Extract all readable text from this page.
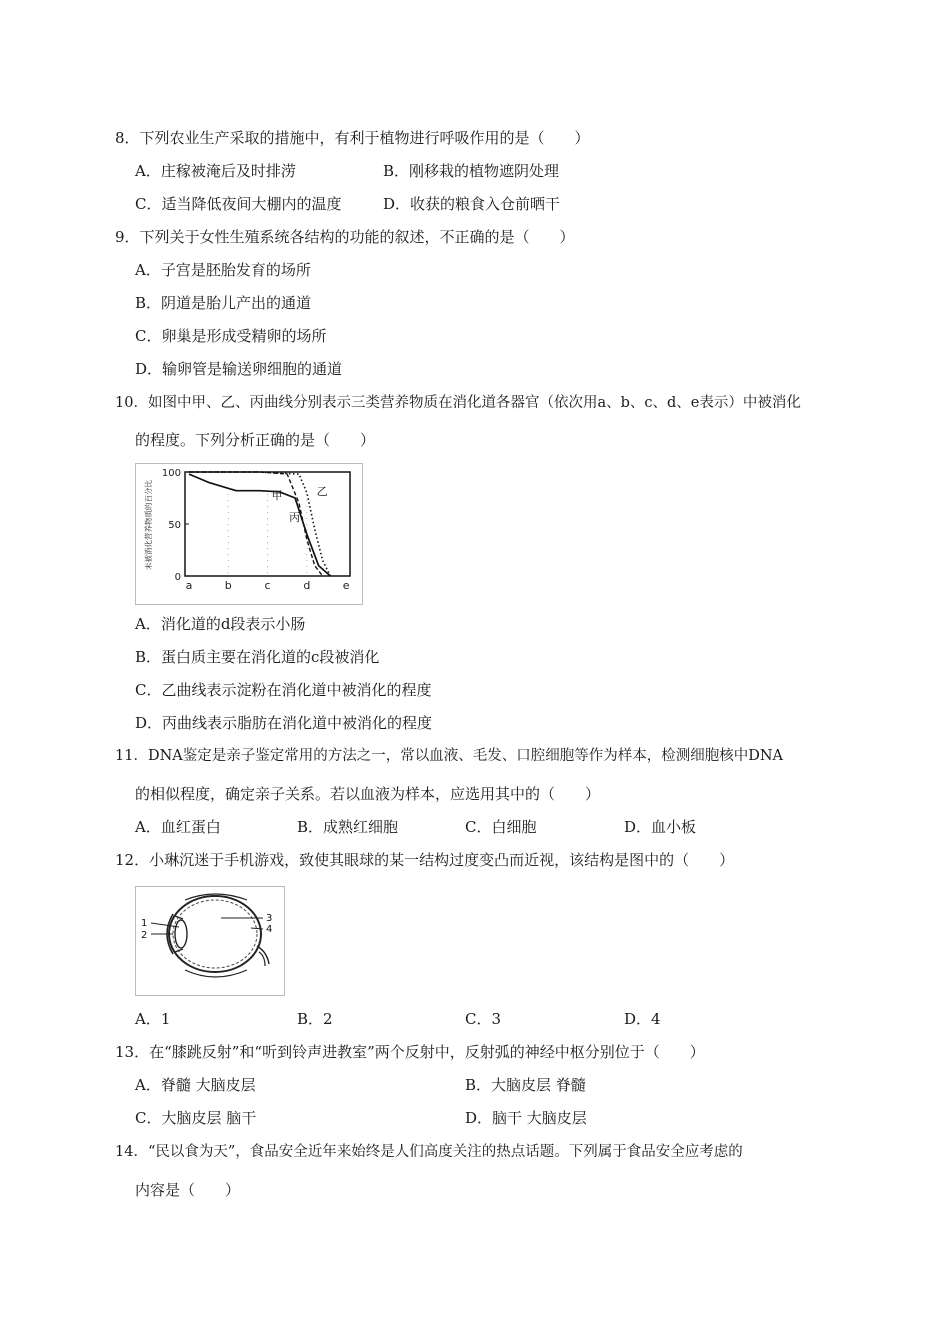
8．下列农业生产采取的措施中，有利于植物进行呼吸作用的是（　　）
A．庄稼被淹后及时排涝	B．刚移栽的植物遮阴处理
C．适当降低夜间大棚内的温度	D．收获的粮食入仓前晒干
9．下列关于女性生殖系统各结构的功能的叙述，不正确的是（　　）
A．子宫是胚胎发育的场所
B．阴道是胎儿产出的通道
C．卵巢是形成受精卵的场所
D．输卵管是输送卵细胞的通道
10．如图中甲、乙、丙曲线分别表示三类营养物质在消化道各器官（依次用a、b、c、d、e表示）中被消化
的程度。下列分析正确的是（　　）
未被消化营养物质的百分比
100
50
0
a	b	c	d	e
甲	乙
丙
A．消化道的d段表示小肠
B．蛋白质主要在消化道的c段被消化
C．乙曲线表示淀粉在消化道中被消化的程度
D．丙曲线表示脂肪在消化道中被消化的程度
11．DNA鉴定是亲子鉴定常用的方法之一，常以血液、毛发、口腔细胞等作为样本，检测细胞核中DNA
的相似程度，确定亲子关系。若以血液为样本，应选用其中的（　　）
A．血红蛋白	B．成熟红细胞	C．白细胞	D．血小板
12．小琳沉迷于手机游戏，致使其眼球的某一结构过度变凸而近视，该结构是图中的（　　）
1
2
3
4
A．1	B．2	C．3	D．4
13．在“膝跳反射”和“听到铃声进教室”两个反射中，反射弧的神经中枢分别位于（　　）
A．脊髓 大脑皮层	B．大脑皮层 脊髓
C．大脑皮层 脑干	D．脑干 大脑皮层
14．“民以食为天”，食品安全近年来始终是人们高度关注的热点话题。下列属于食品安全应考虑的
内容是（　　）
